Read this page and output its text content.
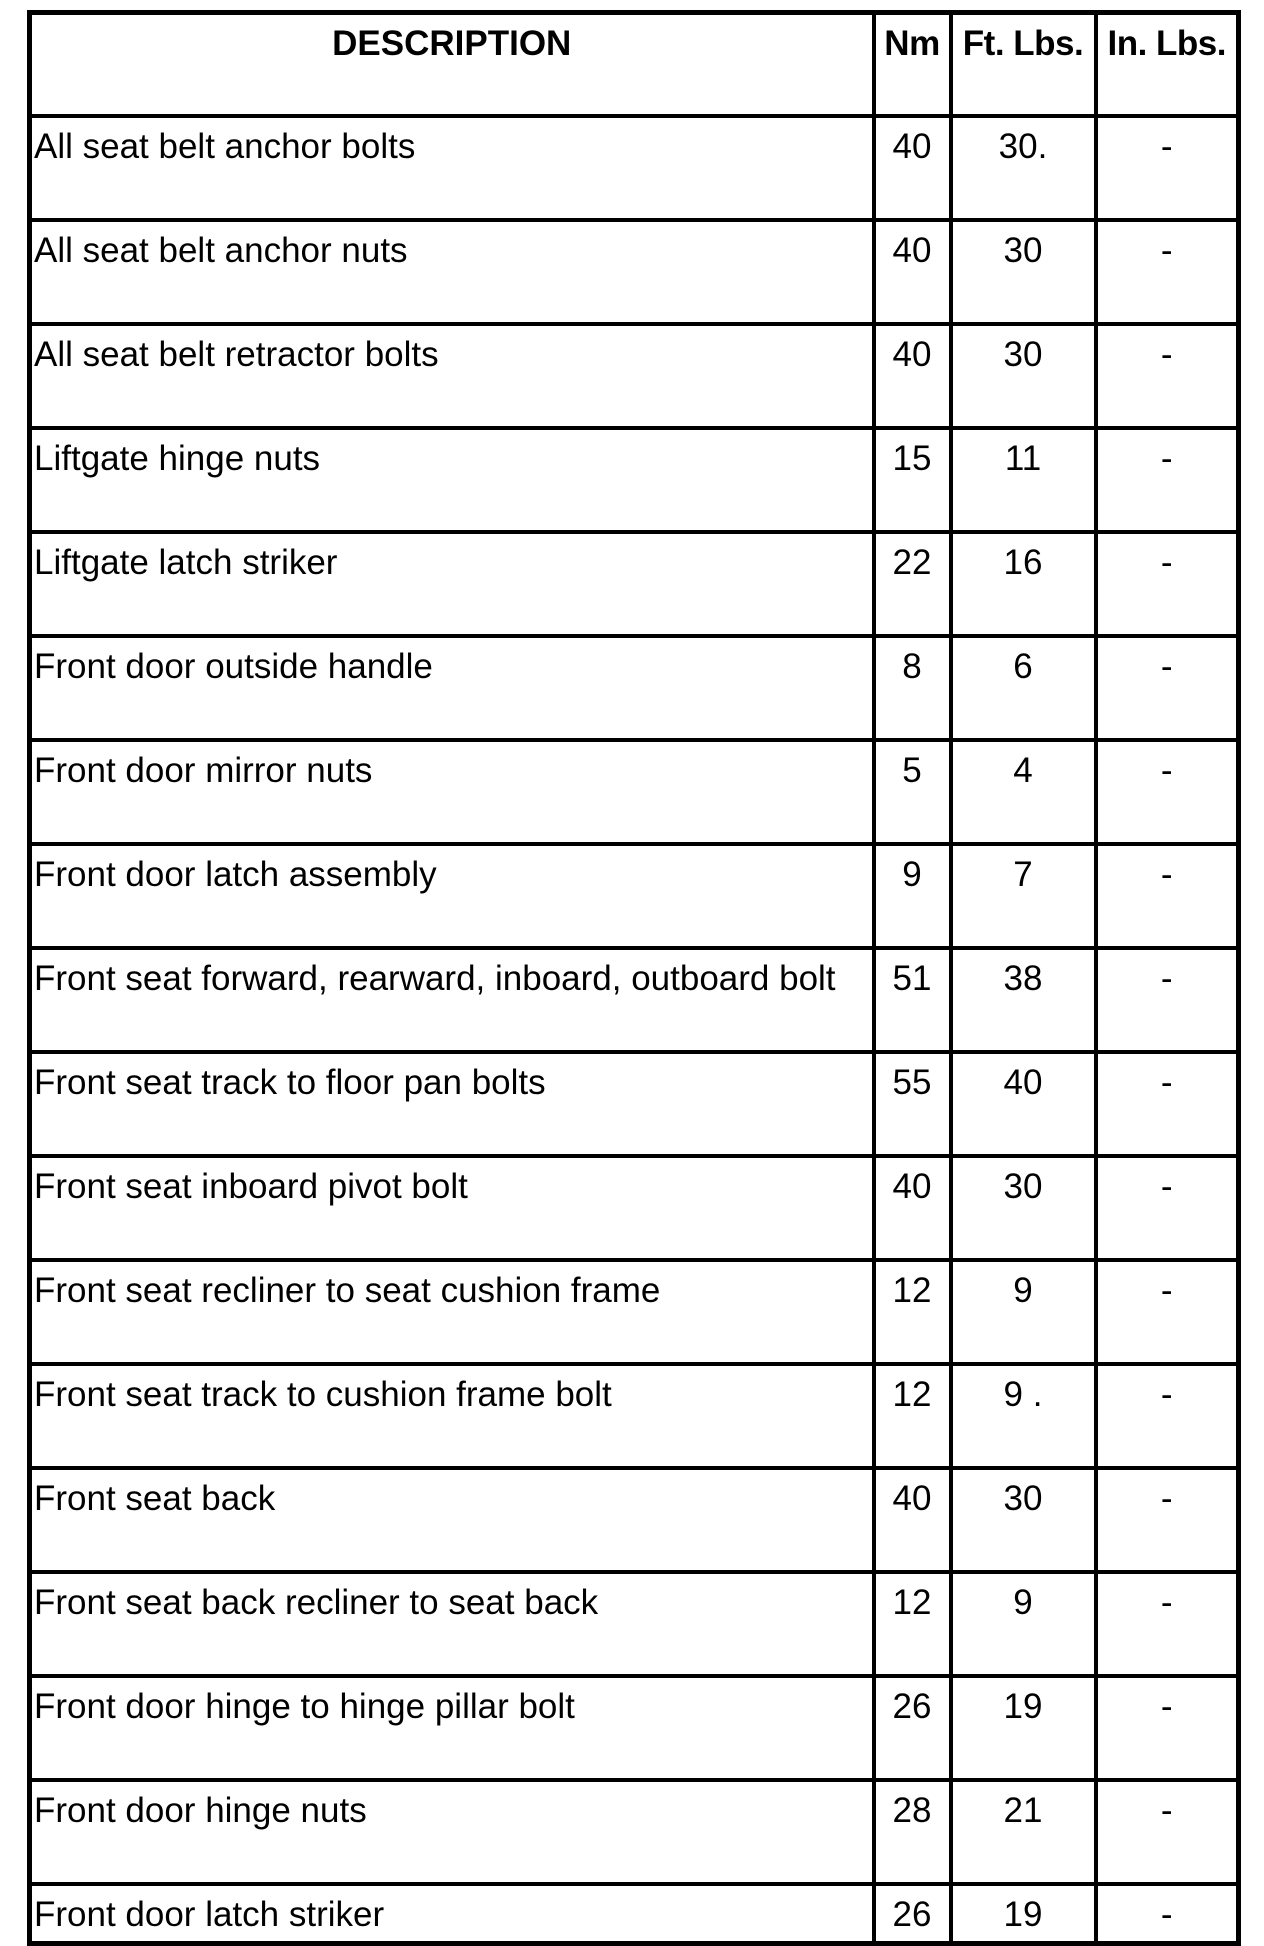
DESCRIPTION	Nm	Ft. Lbs.	In. Lbs.
All seat belt anchor bolts	40	30.	-
All seat belt anchor nuts	40	30	-
All seat belt retractor bolts	40	30	-
Liftgate hinge nuts	15	11	-
Liftgate latch striker	22	16	-
Front door outside handle	8	6	-
Front door mirror nuts	5	4	-
Front door latch assembly	9	7	-
Front seat forward, rearward, inboard, outboard bolt	51	38	-
Front seat track to floor pan bolts	55	40	-
Front seat inboard pivot bolt	40	30	-
Front seat recliner to seat cushion frame	12	9	-
Front seat track to cushion frame bolt	12	9 .	-
Front seat back	40	30	-
Front seat back recliner to seat back	12	9	-
Front door hinge to hinge pillar bolt	26	19	-
Front door hinge nuts	28	21	-
Front door latch striker	26	19	-
